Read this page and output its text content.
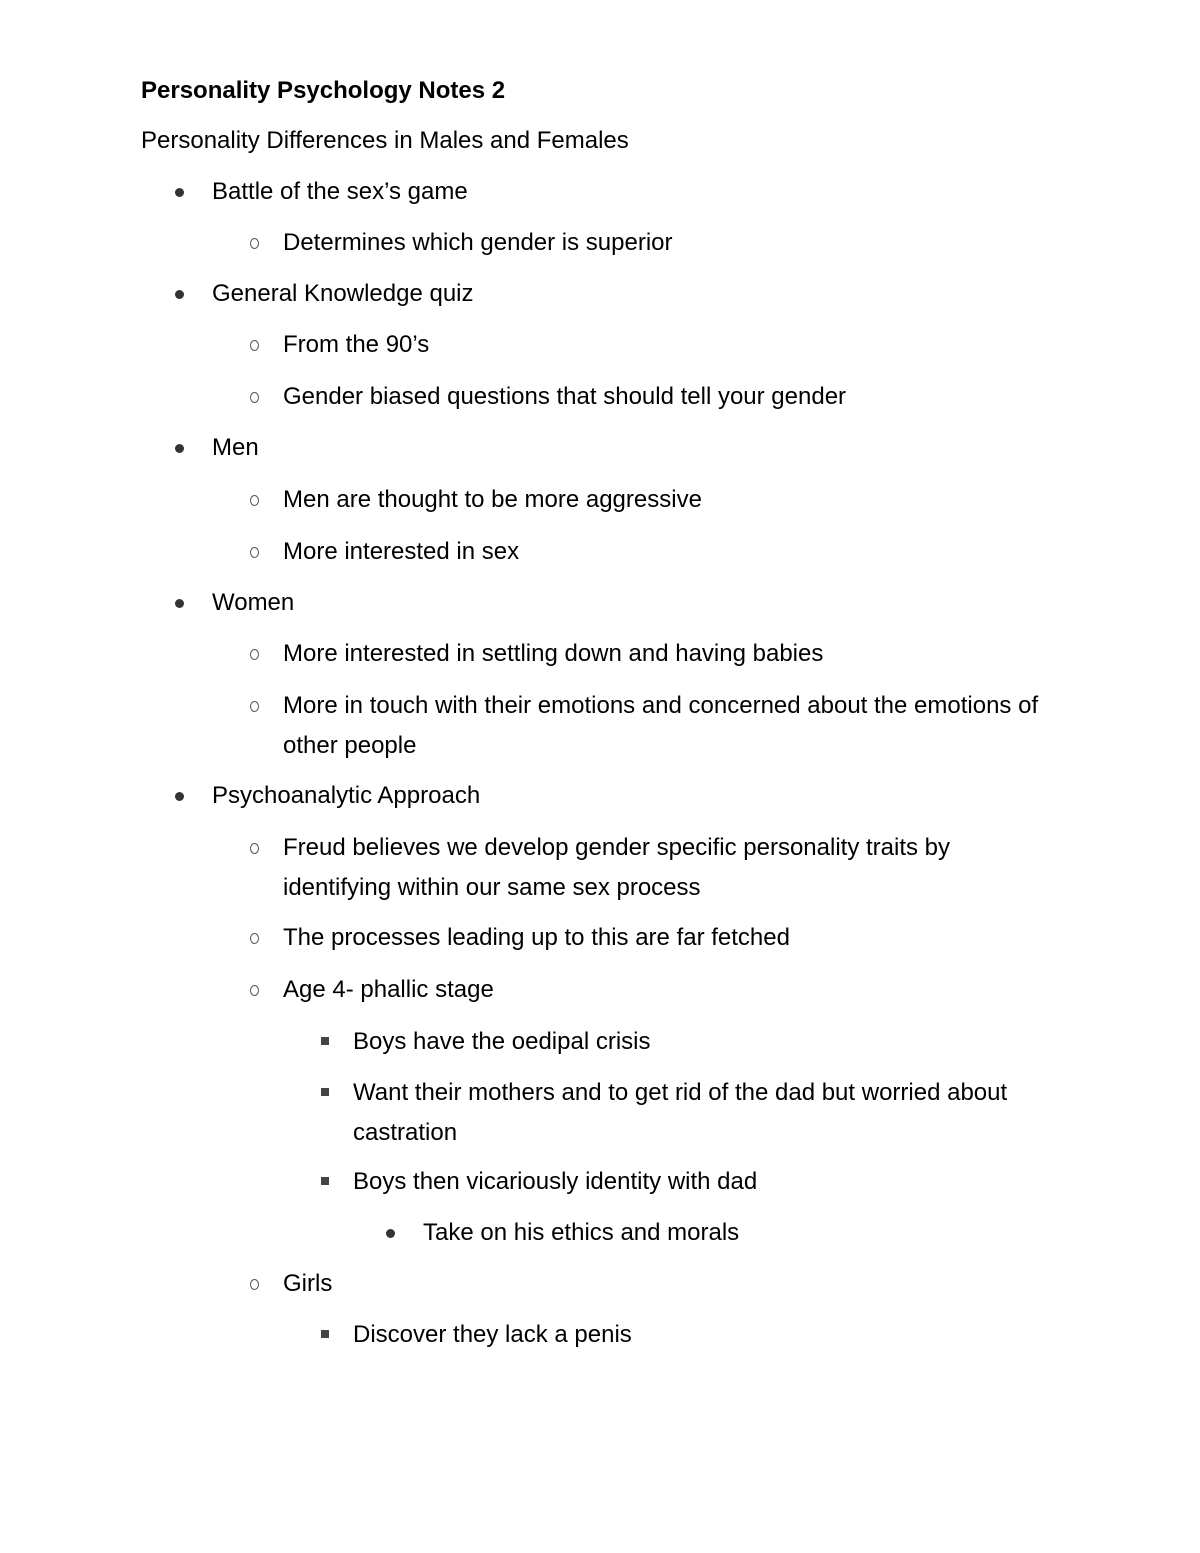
Personality Psychology Notes 2

Personality Differences in Males and Females

Battle of the sex’s game
Determines which gender is superior
General Knowledge quiz
From the 90’s
Gender biased questions that should tell your gender
Men
Men are thought to be more aggressive
More interested in sex
Women
More interested in settling down and having babies
More in touch with their emotions and concerned about the emotions of other people
Psychoanalytic Approach
Freud believes we develop gender specific personality traits by identifying within our same sex process
The processes leading up to this are far fetched
Age 4- phallic stage
Boys have the oedipal crisis
Want their mothers and to get rid of the dad but worried about castration
Boys then vicariously identity with dad
Take on his ethics and morals
Girls
Discover they lack a penis
